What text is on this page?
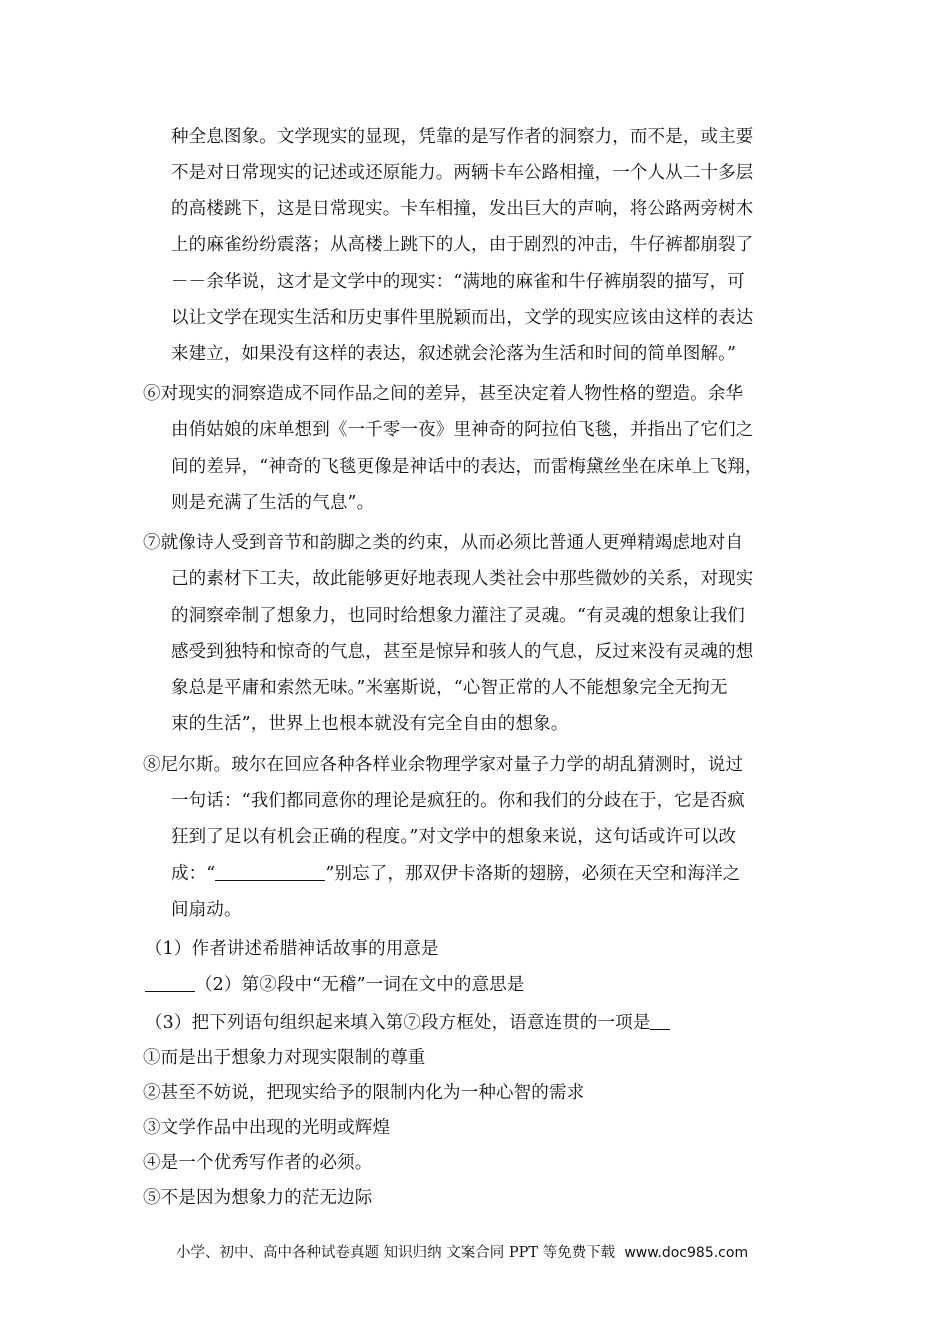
种全息图象。文学现实的显现，凭靠的是写作者的洞察力，而不是，或主要
不是对日常现实的记述或还原能力。两辆卡车公路相撞，一个人从二十多层
的高楼跳下，这是日常现实。卡车相撞，发出巨大的声响，将公路两旁树木
上的麻雀纷纷震落；从高楼上跳下的人，由于剧烈的冲击，牛仔裤都崩裂了
－－余华说，这才是文学中的现实：“满地的麻雀和牛仔裤崩裂的描写，可
以让文学在现实生活和历史事件里脱颖而出，文学的现实应该由这样的表达
来建立，如果没有这样的表达，叙述就会沦落为生活和时间的简单图解。”
⑥对现实的洞察造成不同作品之间的差异，甚至决定着人物性格的塑造。余华
由俏姑娘的床单想到《一千零一夜》里神奇的阿拉伯飞毯，并指出了它们之
间的差异，“神奇的飞毯更像是神话中的表达，而雷梅黛丝坐在床单上飞翔，
则是充满了生活的气息”。
⑦就像诗人受到音节和韵脚之类的约束，从而必须比普通人更殚精竭虑地对自
己的素材下工夫，故此能够更好地表现人类社会中那些微妙的关系，对现实
的洞察牵制了想象力，也同时给想象力灌注了灵魂。“有灵魂的想象让我们
感受到独特和惊奇的气息，甚至是惊异和骇人的气息，反过来没有灵魂的想
象总是平庸和索然无味。”米塞斯说，“心智正常的人不能想象完全无拘无
束的生活”，世界上也根本就没有完全自由的想象。
⑧尼尔斯。玻尔在回应各种各样业余物理学家对量子力学的胡乱猜测时，说过
一句话：“我们都同意你的理论是疯狂的。你和我们的分歧在于，它是否疯
狂到了足以有机会正确的程度。”对文学中的想象来说，这句话或许可以改
成：“	”别忘了，那双伊卡洛斯的翅膀，必须在天空和海洋之
间扇动。
（1）作者讲述希腊神话故事的用意是
（2）第②段中“无稽”一词在文中的意思是
（3）把下列语句组织起来填入第⑦段方框处，语意连贯的一项是
①而是出于想象力对现实限制的尊重
②甚至不妨说，把现实给予的限制内化为一种心智的需求
③文学作品中出现的光明或辉煌
④是一个优秀写作者的必须。
⑤不是因为想象力的茫无边际
小学、初中、高中各种试卷真题 知识归纳 文案合同 PPT 等免费下载 www.doc985.com
